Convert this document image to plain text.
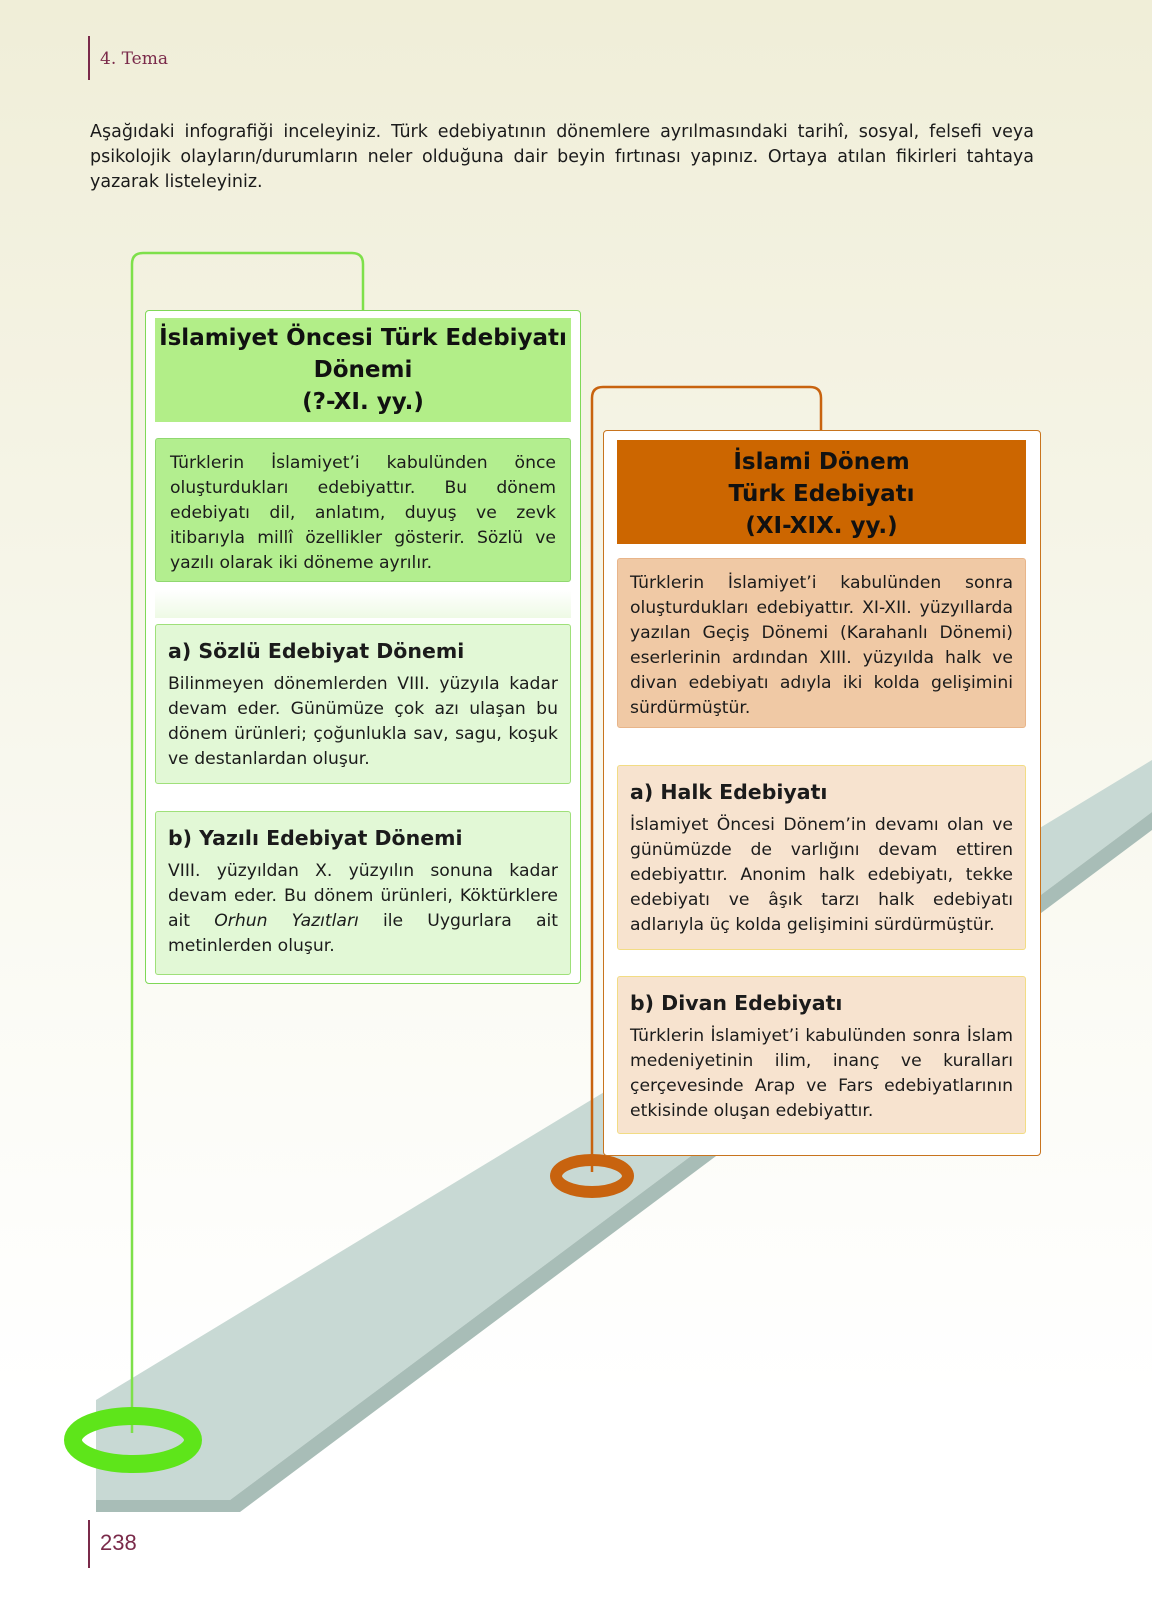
4. Tema
Aşağıdaki infografiği inceleyiniz. Türk edebiyatının dönemlere ayrılmasındaki tarihî, sosyal, felsefi veya psikolojik olayların/durumların neler olduğuna dair beyin fırtınası yapınız. Ortaya atılan fikirleri tahtaya yazarak listeleyiniz.
İslamiyet Öncesi Türk Edebiyatı
Dönemi
(?-XI. yy.)

Türklerin İslamiyet’i kabulünden önce oluşturdukları edebiyattır. Bu dönem edebiyatı dil, anlatım, duyuş ve zevk itibarıyla millî özellikler gösterir. Sözlü ve yazılı olarak iki döneme ayrılır.

a) Sözlü Edebiyat Dönemi

Bilinmeyen dönemlerden VIII. yüzyıla kadar devam eder. Günümüze çok azı ulaşan bu dönem ürünleri; çoğunlukla sav, sagu, koşuk ve destanlardan oluşur.

b) Yazılı Edebiyat Dönemi

VIII. yüzyıldan X. yüzyılın sonuna kadar devam eder. Bu dönem ürünleri, Köktürklere ait Orhun Yazıtları ile Uygurlara ait metinlerden oluşur.

İslami Dönem
Türk Edebiyatı
(XI-XIX. yy.)

Türklerin İslamiyet’i kabulünden sonra oluşturdukları edebiyattır. XI-XII. yüzyıllarda yazılan Geçiş Dönemi (Karahanlı Dönemi) eserlerinin ardından XIII. yüzyılda halk ve divan edebiyatı adıyla iki kolda gelişimini sürdürmüştür.

a) Halk Edebiyatı

İslamiyet Öncesi Dönem’in devamı olan ve günümüzde de varlığını devam ettiren edebiyattır. Anonim halk edebiyatı, tekke edebiyatı ve âşık tarzı halk edebiyatı adlarıyla üç kolda gelişimini sürdürmüştür.

b) Divan Edebiyatı

Türklerin İslamiyet’i kabulünden sonra İslam medeniyetinin ilim, inanç ve kuralları çerçevesinde Arap ve Fars edebiyatlarının etkisinde oluşan edebiyattır.

238
